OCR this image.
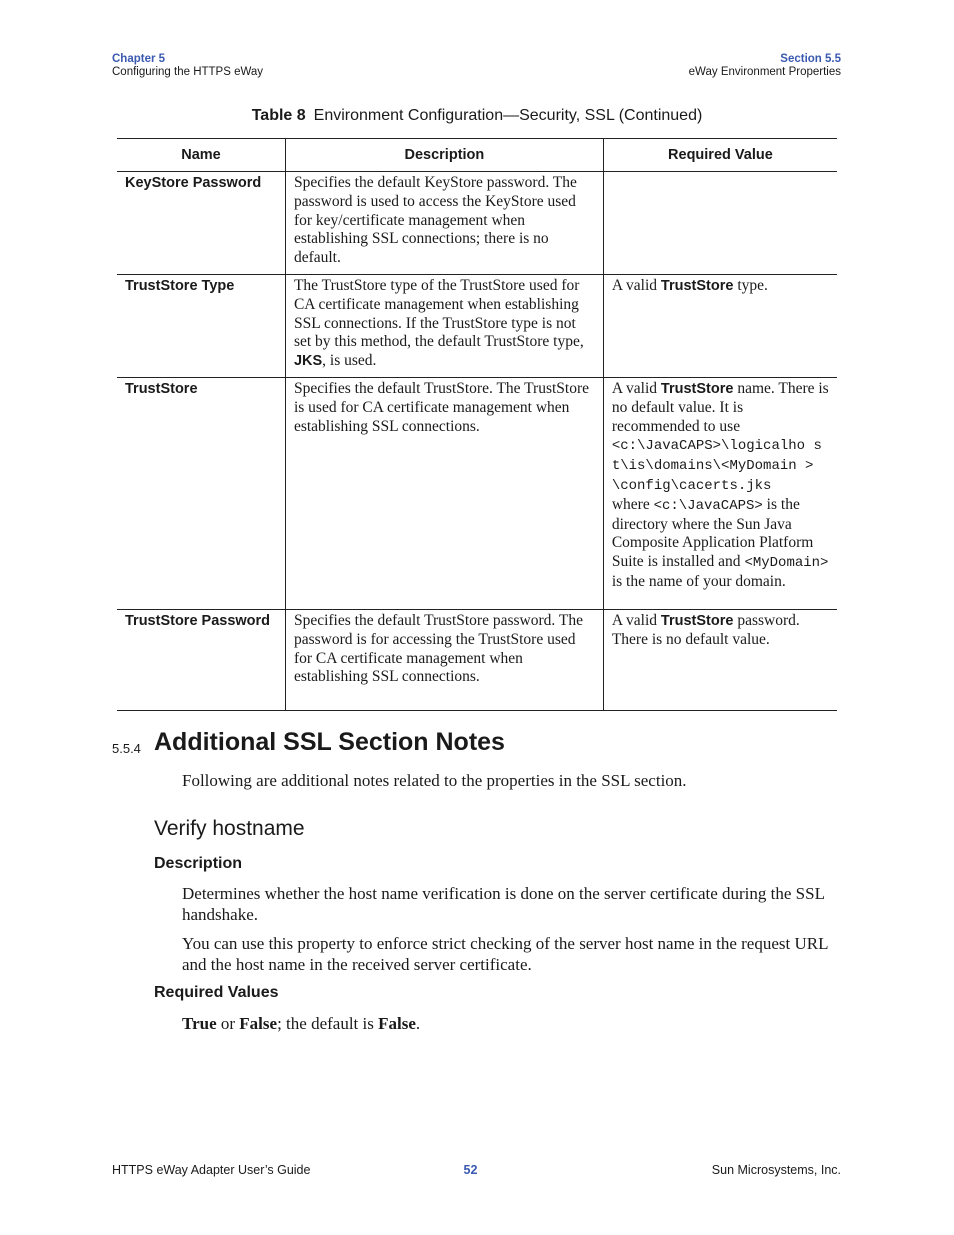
Chapter 5
Configuring the HTTPS eWay
Section 5.5
eWay Environment Properties
Table 8 Environment Configuration—Security, SSL (Continued)
Name	Description	Required Value
KeyStore Password	Specifies the default KeyStore password. The password is used to access the KeyStore used for key/certificate management when establishing SSL connections; there is no default.	
TrustStore Type	The TrustStore type of the TrustStore used for CA certificate management when establishing SSL connections. If the TrustStore type is not set by this method, the default TrustStore type, JKS, is used.	A valid TrustStore type.
TrustStore	Specifies the default TrustStore. The TrustStore is used for CA certificate management when establishing SSL connections.	A valid TrustStore name. There is no default value. It is recommended to use
<c:\JavaCAPS>\logicalho st\is\domains\<MyDomain >\config\cacerts.jks
where <c:\JavaCAPS> is the directory where the Sun Java Composite Application Platform Suite is installed and <MyDomain> is the name of your domain.
TrustStore Password	Specifies the default TrustStore password. The password is for accessing the TrustStore used for CA certificate management when establishing SSL connections.	A valid TrustStore password. There is no default value.
5.5.4 Additional SSL Section Notes
Following are additional notes related to the properties in the SSL section.
Verify hostname
Description
Determines whether the host name verification is done on the server certificate during the SSL handshake.
You can use this property to enforce strict checking of the server host name in the request URL and the host name in the received server certificate.
Required Values
True or False; the default is False.
HTTPS eWay Adapter User’s Guide	52	Sun Microsystems, Inc.
